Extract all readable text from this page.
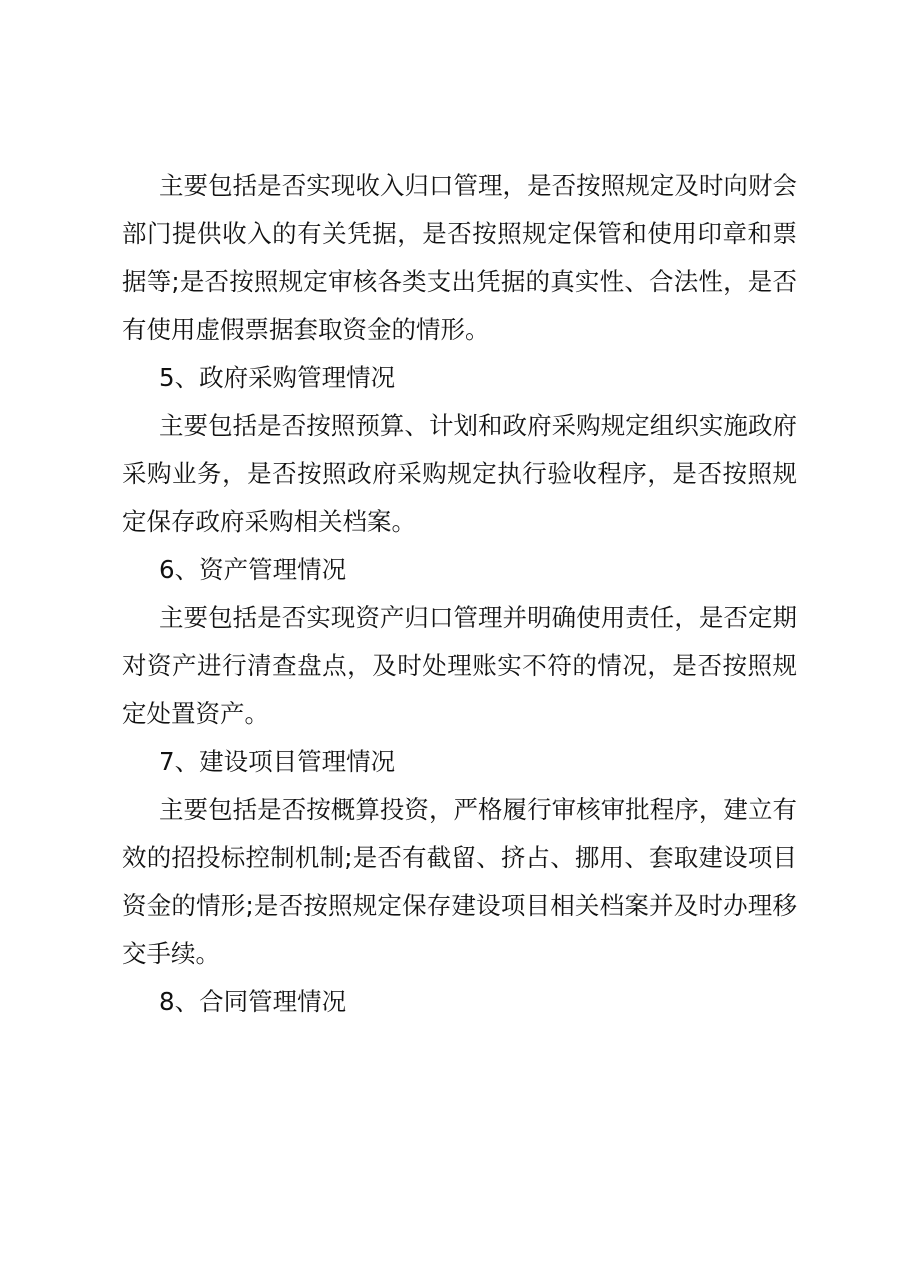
主要包括是否实现收入归口管理，是否按照规定及时向财会部门提供收入的有关凭据，是否按照规定保管和使用印章和票据等;是否按照规定审核各类支出凭据的真实性、合法性，是否有使用虚假票据套取资金的情形。

5、政府采购管理情况

主要包括是否按照预算、计划和政府采购规定组织实施政府采购业务，是否按照政府采购规定执行验收程序，是否按照规定保存政府采购相关档案。

6、资产管理情况

主要包括是否实现资产归口管理并明确使用责任，是否定期对资产进行清查盘点，及时处理账实不符的情况，是否按照规定处置资产。

7、建设项目管理情况

主要包括是否按概算投资，严格履行审核审批程序，建立有效的招投标控制机制;是否有截留、挤占、挪用、套取建设项目资金的情形;是否按照规定保存建设项目相关档案并及时办理移交手续。

8、合同管理情况
